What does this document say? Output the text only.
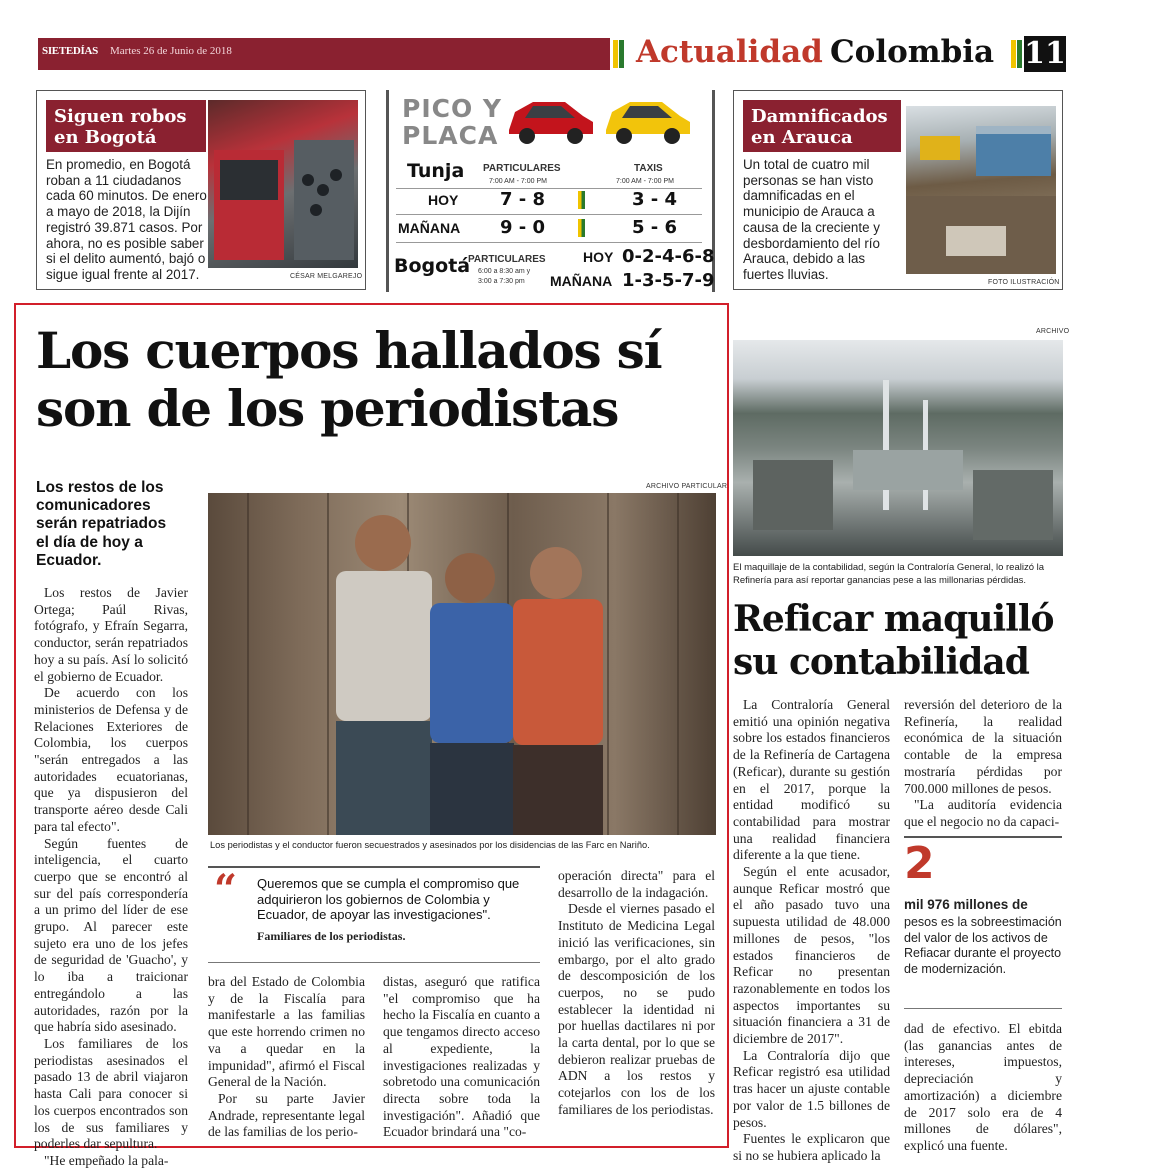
SIETEDÍAS Martes 26 de Junio de 2018	Actualidad Colombia 11
Siguen robos
en Bogotá
En promedio, en Bogotá
roban a 11 ciudadanos
cada 60 minutos. De enero
a mayo de 2018, la Dijín
registró 39.871 casos. Por
ahora, no es posible saber
si el delito aumentó, bajó o
sigue igual frente al 2017.	CÉSAR MELGAREJO
PICO Y
PLACA
Tunja PARTICULARES
7:00 AM - 7:00 PM
TAXIS
7:00 AM - 7:00 PM
HOY 7 - 8	3 - 4
MAÑANA 9 - 0	5 - 6
Bogotá
PARTICULARES
6:00 a 8:30 am y
3:00 a 7:30 pm
HOY 0-2-4-6-8
MAÑANA 1-3-5-7-9
Damnificados
en Arauca
Un total de cuatro mil
personas se han visto
damnificadas en el
municipio de Arauca a
causa de la creciente y
desbordamiento del río
Arauca, debido a las
fuertes lluvias.
FOTO ILUSTRACIÓN
Los cuerpos hallados sí
son de los periodistas
Los restos de los
comunicadores
serán repatriados
el día de hoy a
Ecuador.
ARCHIVO PARTICULAR
Los periodistas y el conductor fueron secuestrados y asesinados por los disidencias de las Farc en Nariño.

Los restos de Javier Ortega; Paúl Rivas, fotógrafo, y Efraín Segarra, conductor, serán repatriados hoy a su país. Así lo solicitó el gobierno de Ecuador.

De acuerdo con los ministerios de Defensa y de Relaciones Exteriores de Colombia, los cuerpos "serán entregados a las autoridades ecuatorianas, que ya dispusieron del transporte aéreo desde Cali para tal efecto".

Según fuentes de inteligencia, el cuarto cuerpo que se encontró al sur del país correspondería a un primo del líder de ese grupo. Al parecer este sujeto era uno de los jefes de seguridad de 'Guacho', y lo iba a traicionar entregándolo a las autoridades, razón por la que habría sido asesinado.

Los familiares de los periodistas asesinados el pasado 13 de abril viajaron hasta Cali para conocer si los cuerpos encontrados son los de sus familiares y poderles dar sepultura.

"He empeñado la pala-

“ Queremos que se cumpla el compromiso que adquirieron los gobiernos de Colombia y Ecuador, de apoyar las investigaciones".
Familiares de los periodistas.

bra del Estado de Colombia y de la Fiscalía para manifestarle a las familias que este horrendo crimen no va a quedar en la impunidad", afirmó el Fiscal General de la Nación.

Por su parte Javier Andrade, representante legal de las familias de los perio-

distas, aseguró que ratifica "el compromiso que ha hecho la Fiscalía en cuanto a que tengamos directo acceso al expediente, la investigaciones realizadas y sobretodo una comunicación directa sobre toda la investigación". Añadió que Ecuador brindará una "co-

operación directa" para el desarrollo de la indagación.

Desde el viernes pasado el Instituto de Medicina Legal inició las verificaciones, sin embargo, por el alto grado de descomposición de los cuerpos, no se pudo establecer la identidad ni por huellas dactilares ni por la carta dental, por lo que se debieron realizar pruebas de ADN a los restos y cotejarlos con los de los familiares de los periodistas.

ARCHIVO
El maquillaje de la contabilidad, según la Contraloría General, lo realizó la Refinería para así reportar ganancias pese a las millonarias pérdidas.
Reficar maquilló
su contabilidad

La Contraloría General emitió una opinión negativa sobre los estados financieros de la Refinería de Cartagena (Reficar), durante su gestión en el 2017, porque la entidad modificó su contabilidad para mostrar una realidad financiera diferente a la que tiene.

Según el ente acusador, aunque Reficar mostró que el año pasado tuvo una supuesta utilidad de 48.000 millones de pesos, "los estados financieros de Reficar no presentan razonablemente en todos los aspectos importantes su situación financiera a 31 de diciembre de 2017".

La Contraloría dijo que Reficar registró esa utilidad tras hacer un ajuste contable por valor de 1.5 billones de pesos.

Fuentes le explicaron que si no se hubiera aplicado la

reversión del deterioro de la Refinería, la realidad económica de la situación contable de la empresa mostraría pérdidas por 700.000 millones de pesos.

"La auditoría evidencia que el negocio no da capaci-

2
mil 976 millones de
pesos es la sobreestimación del valor de los activos de Refiacar durante el proyecto de modernización.

dad de efectivo. El ebitda (las ganancias antes de intereses, impuestos, depreciación y amortización) a diciembre de 2017 solo era de 4 millones de dólares", explicó una fuente.
